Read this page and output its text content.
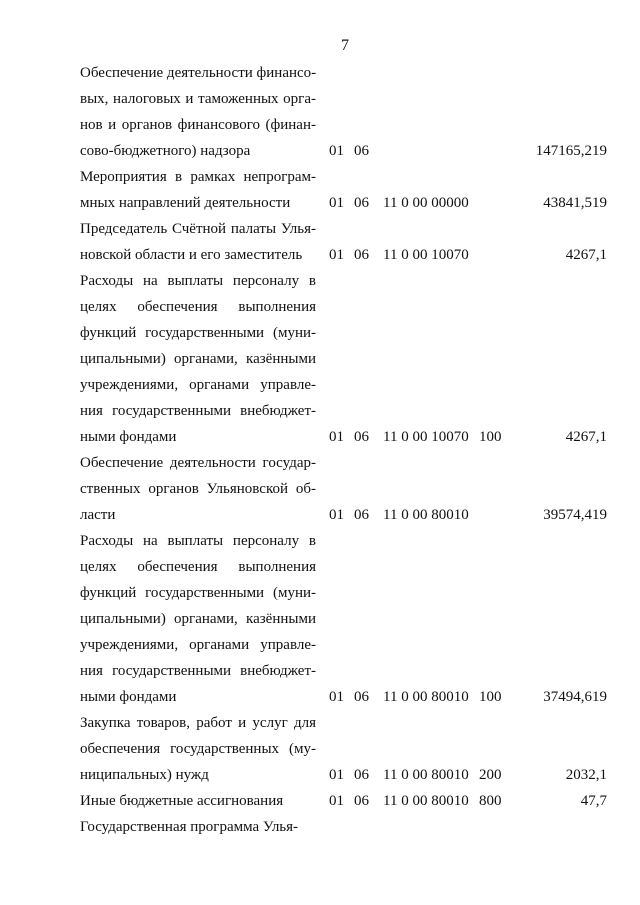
7
Обеспечение деятельности финансо-
вых, налоговых и таможенных орга-
нов и органов финансового (финан-
сово-бюджетного) надзора	01 06	147165,219
Мероприятия в рамках непрограм-
мных направлений деятельности	01 06 11 0 00 00000	43841,519
Председатель Счётной палаты Улья-
новской области и его заместитель	01 06 11 0 00 10070	4267,1
Расходы на выплаты персоналу в
целях обеспечения выполнения
функций государственными (муни-
ципальными) органами, казёнными
учреждениями, органами управле-
ния государственными внебюджет-
ными фондами	01 06 11 0 00 10070 100	4267,1
Обеспечение деятельности государ-
ственных органов Ульяновской об-
ласти	01 06 11 0 00 80010	39574,419
Расходы на выплаты персоналу в
целях обеспечения выполнения
функций государственными (муни-
ципальными) органами, казёнными
учреждениями, органами управле-
ния государственными внебюджет-
ными фондами	01 06 11 0 00 80010 100	37494,619
Закупка товаров, работ и услуг для
обеспечения государственных (му-
ниципальных) нужд	01 06 11 0 00 80010 200	2032,1
Иные бюджетные ассигнования	01 06 11 0 00 80010 800	47,7
Государственная программа Улья-
